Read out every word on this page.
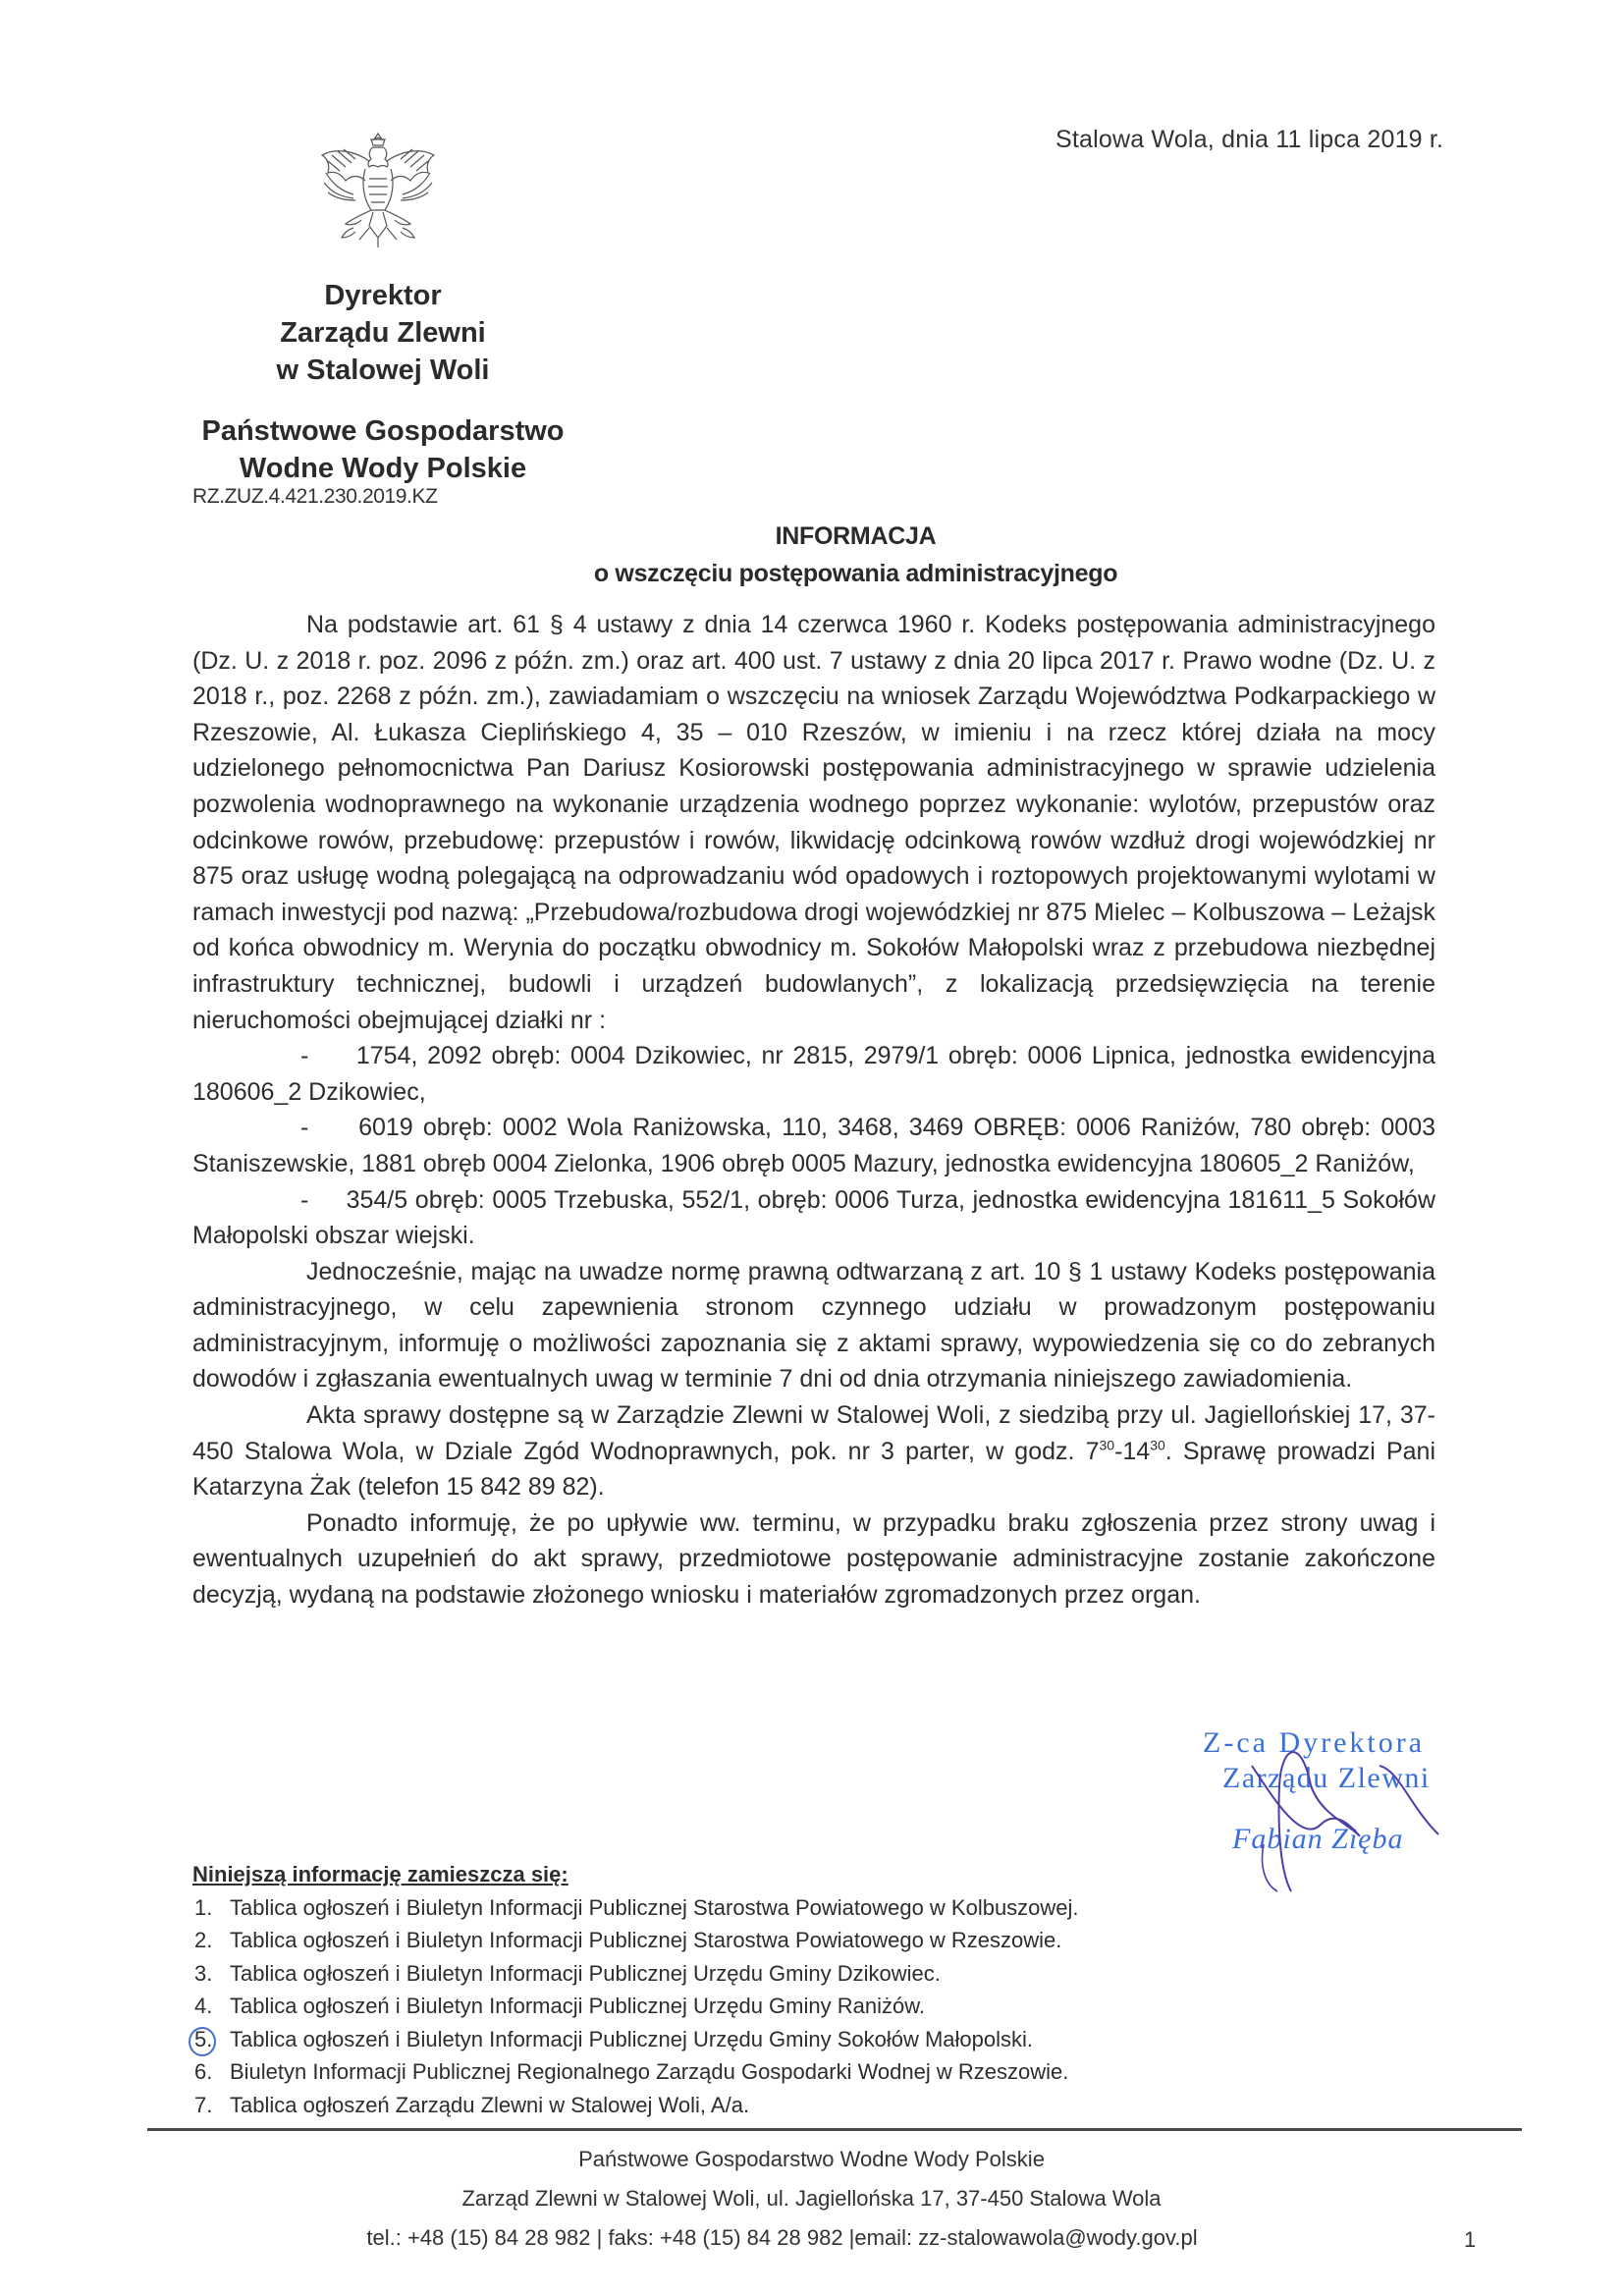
Stalowa Wola, dnia 11 lipca 2019 r.
Dyrektor
Zarządu Zlewni
w Stalowej Woli
Państwowe Gospodarstwo
Wodne Wody Polskie
RZ.ZUZ.4.421.230.2019.KZ
INFORMACJA
o wszczęciu postępowania administracyjnego

Na podstawie art. 61 § 4 ustawy z dnia 14 czerwca 1960 r. Kodeks postępowania administracyjnego (Dz. U. z 2018 r. poz. 2096 z późn. zm.) oraz art. 400 ust. 7 ustawy z dnia 20 lipca 2017 r. Prawo wodne (Dz. U. z 2018 r., poz. 2268 z późn. zm.), zawiadamiam o wszczęciu na wniosek Zarządu Województwa Podkarpackiego w Rzeszowie, Al. Łukasza Cieplińskiego 4, 35 – 010 Rzeszów, w imieniu i na rzecz której działa na mocy udzielonego pełnomocnictwa Pan Dariusz Kosiorowski postępowania administracyjnego w sprawie udzielenia pozwolenia wodnoprawnego na wykonanie urządzenia wodnego poprzez wykonanie: wylotów, przepustów oraz odcinkowe rowów, przebudowę: przepustów i rowów, likwidację odcinkową rowów wzdłuż drogi wojewódzkiej nr 875 oraz usługę wodną polegającą na odprowadzaniu wód opadowych i roztopowych projektowanymi wylotami w ramach inwestycji pod nazwą: „Przebudowa/rozbudowa drogi wojewódzkiej nr 875 Mielec – Kolbuszowa – Leżajsk od końca obwodnicy m. Werynia do początku obwodnicy m. Sokołów Małopolski wraz z przebudowa niezbędnej infrastruktury technicznej, budowli i urządzeń budowlanych”, z lokalizacją przedsięwzięcia na terenie nieruchomości obejmującej działki nr :

- 1754, 2092 obręb: 0004 Dzikowiec, nr 2815, 2979/1 obręb: 0006 Lipnica, jednostka ewidencyjna 180606_2 Dzikowiec,

- 6019 obręb: 0002 Wola Raniżowska, 110, 3468, 3469 OBRĘB: 0006 Raniżów, 780 obręb: 0003 Staniszewskie, 1881 obręb 0004 Zielonka, 1906 obręb 0005 Mazury, jednostka ewidencyjna 180605_2 Raniżów,

- 354/5 obręb: 0005 Trzebuska, 552/1, obręb: 0006 Turza, jednostka ewidencyjna 181611_5 Sokołów Małopolski obszar wiejski.

Jednocześnie, mając na uwadze normę prawną odtwarzaną z art. 10 § 1 ustawy Kodeks postępowania administracyjnego, w celu zapewnienia stronom czynnego udziału w prowadzonym postępowaniu administracyjnym, informuję o możliwości zapoznania się z aktami sprawy, wypowiedzenia się co do zebranych dowodów i zgłaszania ewentualnych uwag w terminie 7 dni od dnia otrzymania niniejszego zawiadomienia.

Akta sprawy dostępne są w Zarządzie Zlewni w Stalowej Woli, z siedzibą przy ul. Jagiellońskiej 17, 37-450 Stalowa Wola, w Dziale Zgód Wodnoprawnych, pok. nr 3 parter, w godz. $7^{30}-14^{30}$. Sprawę prowadzi Pani Katarzyna Żak (telefon 15 842 89 82).

Ponadto informuję, że po upływie ww. terminu, w przypadku braku zgłoszenia przez strony uwag i ewentualnych uzupełnień do akt sprawy, przedmiotowe postępowanie administracyjne zostanie zakończone decyzją, wydaną na podstawie złożonego wniosku i materiałów zgromadzonych przez organ.

Z-ca Dyrektora
Zarządu Zlewni
Fabian Zięba
Niniejszą informację zamieszcza się:
1. Tablica ogłoszeń i Biuletyn Informacji Publicznej Starostwa Powiatowego w Kolbuszowej.
2. Tablica ogłoszeń i Biuletyn Informacji Publicznej Starostwa Powiatowego w Rzeszowie.
3. Tablica ogłoszeń i Biuletyn Informacji Publicznej Urzędu Gminy Dzikowiec.
4. Tablica ogłoszeń i Biuletyn Informacji Publicznej Urzędu Gminy Raniżów.
5. Tablica ogłoszeń i Biuletyn Informacji Publicznej Urzędu Gminy Sokołów Małopolski.
6. Biuletyn Informacji Publicznej Regionalnego Zarządu Gospodarki Wodnej w Rzeszowie.
7. Tablica ogłoszeń Zarządu Zlewni w Stalowej Woli, A/a.
Państwowe Gospodarstwo Wodne Wody Polskie
Zarząd Zlewni w Stalowej Woli, ul. Jagiellońska 17, 37-450 Stalowa Wola
tel.: +48 (15) 84 28 982 | faks: +48 (15) 84 28 982 |email: zz-stalowawola@wody.gov.pl	1
